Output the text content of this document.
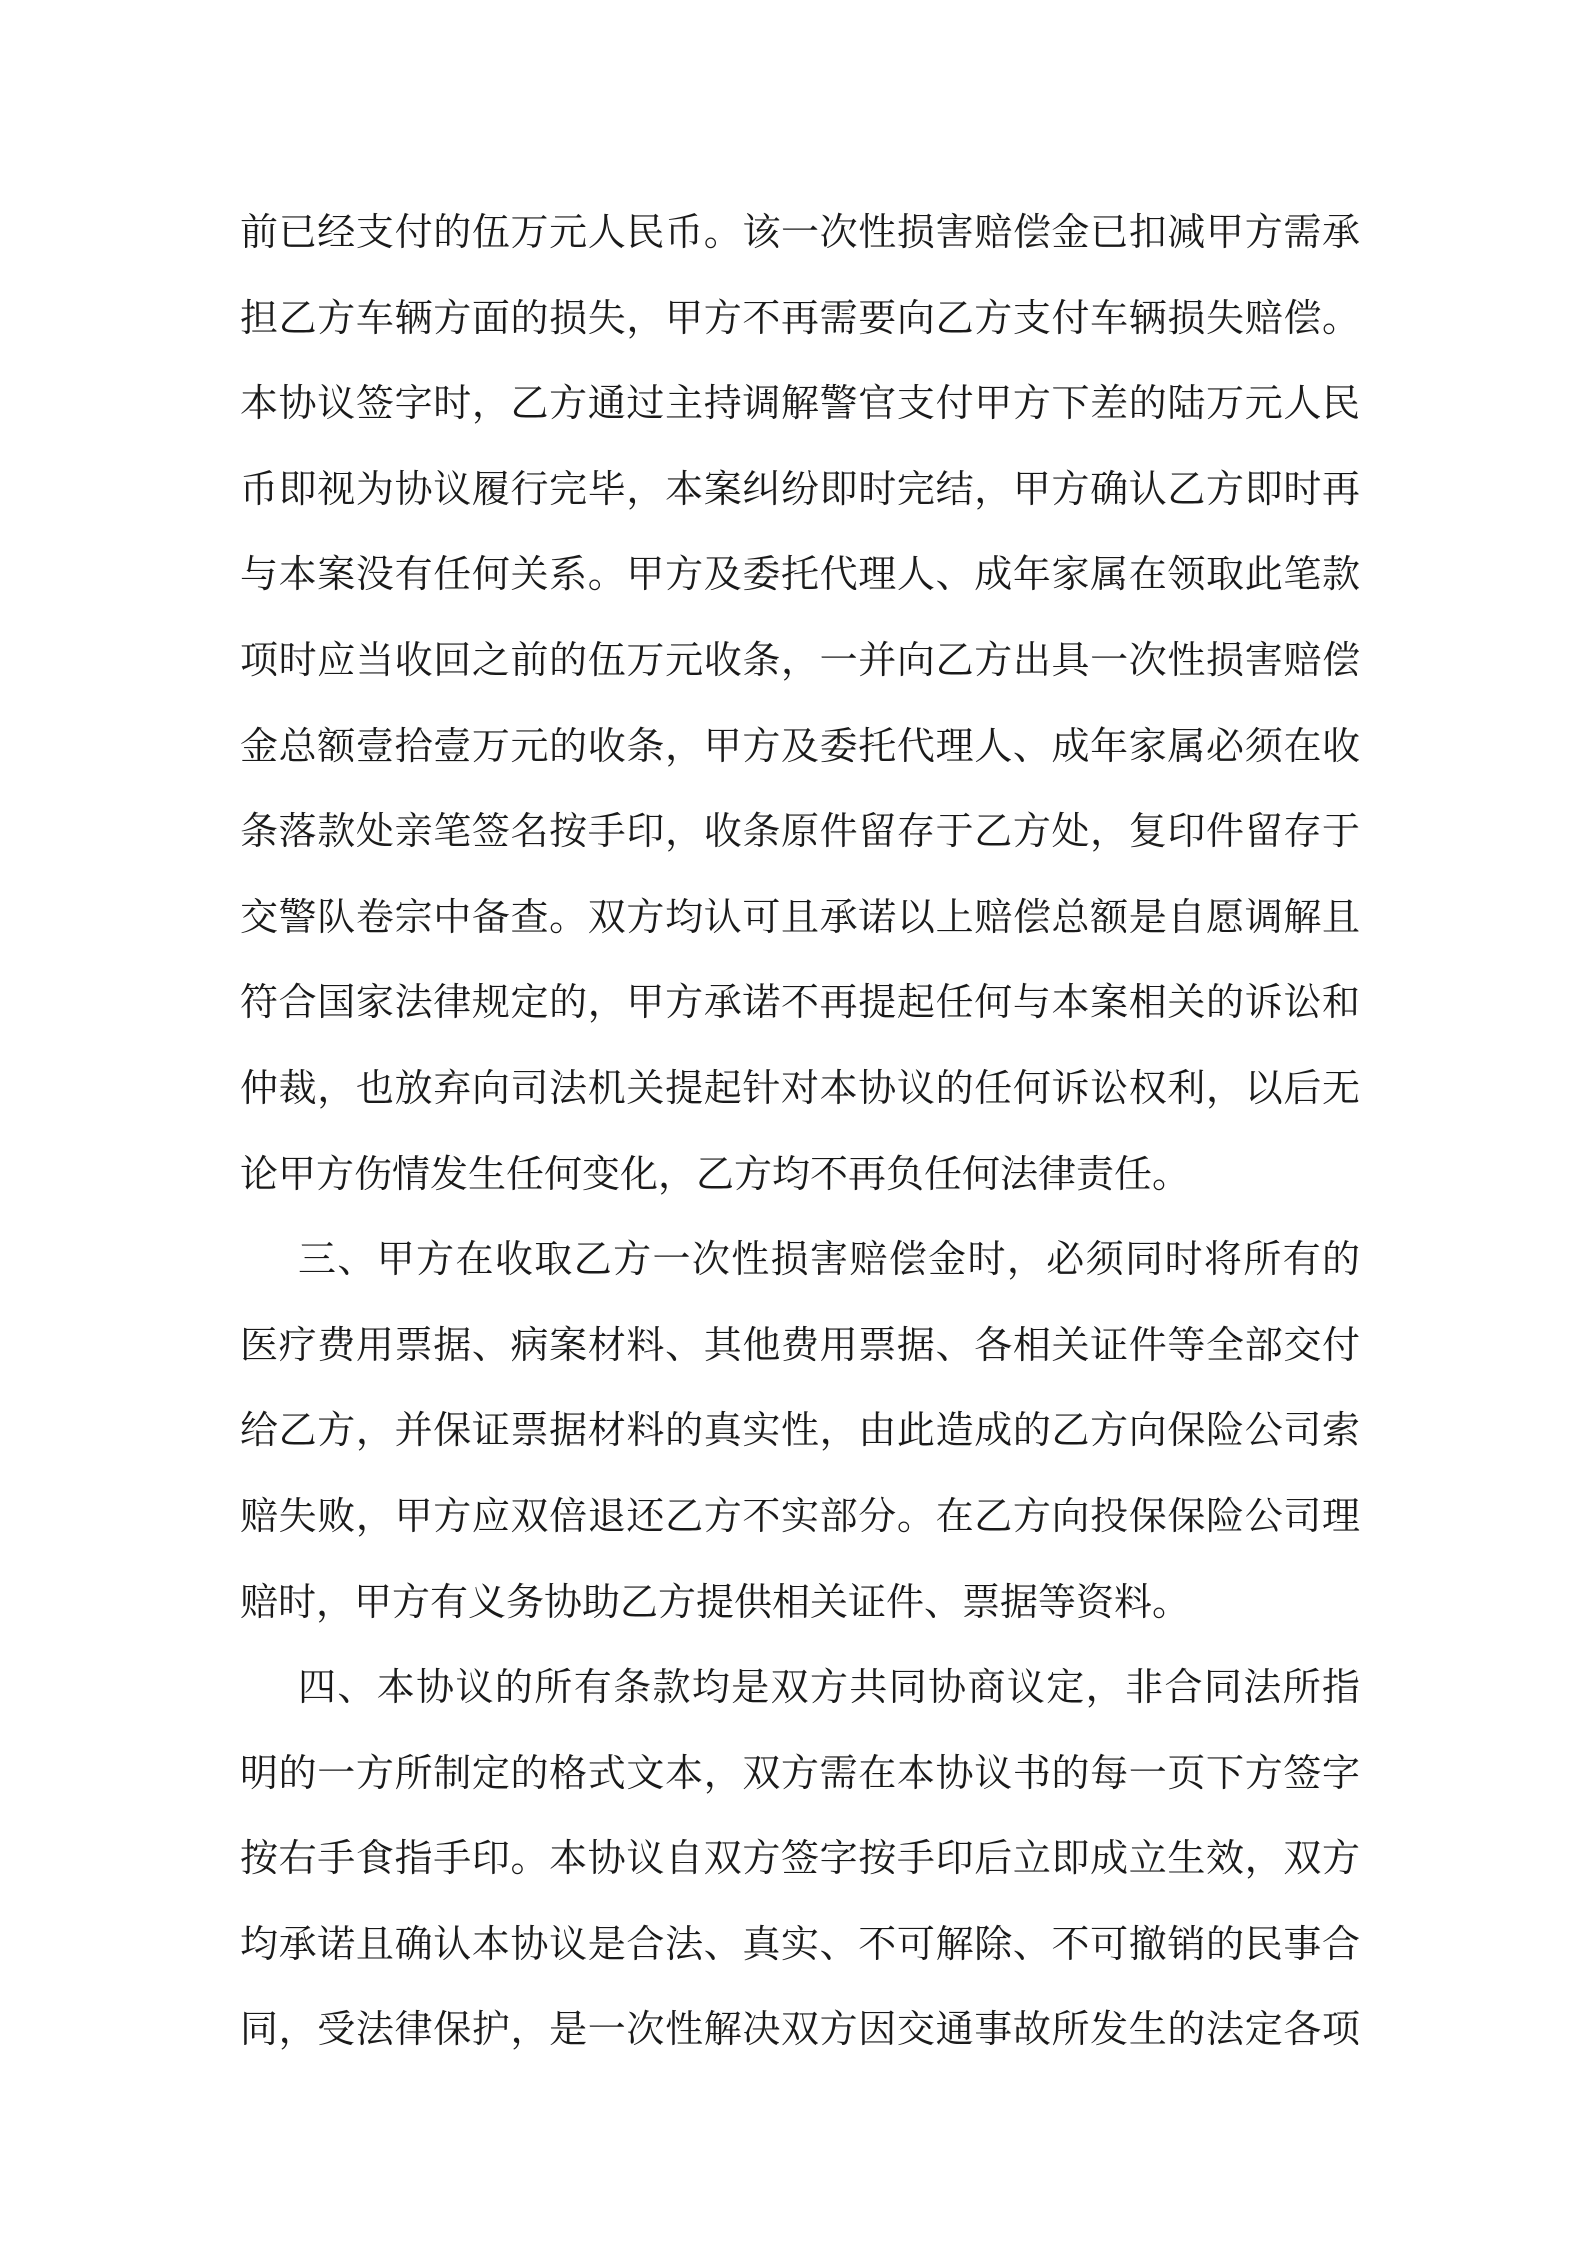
前已经支付的伍万元人民币。该一次性损害赔偿金已扣减甲方需承
担乙方车辆方面的损失，甲方不再需要向乙方支付车辆损失赔偿。
本协议签字时，乙方通过主持调解警官支付甲方下差的陆万元人民
币即视为协议履行完毕，本案纠纷即时完结，甲方确认乙方即时再
与本案没有任何关系。甲方及委托代理人、成年家属在领取此笔款
项时应当收回之前的伍万元收条，一并向乙方出具一次性损害赔偿
金总额壹拾壹万元的收条，甲方及委托代理人、成年家属必须在收
条落款处亲笔签名按手印，收条原件留存于乙方处，复印件留存于
交警队卷宗中备查。双方均认可且承诺以上赔偿总额是自愿调解且
符合国家法律规定的，甲方承诺不再提起任何与本案相关的诉讼和
仲裁，也放弃向司法机关提起针对本协议的任何诉讼权利，以后无
论甲方伤情发生任何变化，乙方均不再负任何法律责任。
三、甲方在收取乙方一次性损害赔偿金时，必须同时将所有的
医疗费用票据、病案材料、其他费用票据、各相关证件等全部交付
给乙方，并保证票据材料的真实性，由此造成的乙方向保险公司索
赔失败，甲方应双倍退还乙方不实部分。在乙方向投保保险公司理
赔时，甲方有义务协助乙方提供相关证件、票据等资料。
四、本协议的所有条款均是双方共同协商议定，非合同法所指
明的一方所制定的格式文本，双方需在本协议书的每一页下方签字
按右手食指手印。本协议自双方签字按手印后立即成立生效，双方
均承诺且确认本协议是合法、真实、不可解除、不可撤销的民事合
同，受法律保护，是一次性解决双方因交通事故所发生的法定各项
